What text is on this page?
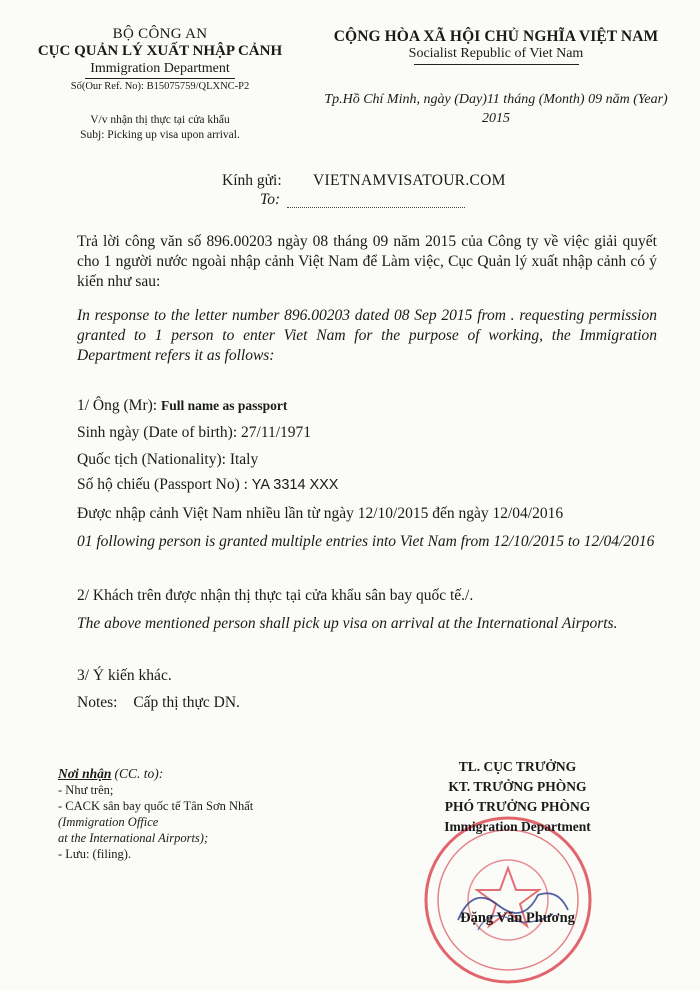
BỘ CÔNG AN
CỤC QUẢN LÝ XUẤT NHẬP CẢNH
Immigration Department
Số(Our Ref. No): B15075759/QLXNC-P2
V/v nhận thị thực tại cửa khẩu
Subj: Picking up visa upon arrival.
CỘNG HÒA XÃ HỘI CHỦ NGHĨA VIỆT NAM
Socialist Republic of Viet Nam
Tp.Hồ Chí Minh, ngày (Day)11 tháng (Month) 09 năm (Year)
2015
Kính gửi:
To:
VIETNAMVISATOUR.COM
Trả lời công văn số 896.00203 ngày 08 tháng 09 năm 2015 của Công ty về việc giải quyết cho 1 người nước ngoài nhập cảnh Việt Nam để Làm việc, Cục Quản lý xuất nhập cảnh có ý kiến như sau:
In response to the letter number 896.00203 dated 08 Sep 2015 from . requesting permission granted to 1 person to enter Viet Nam for the purpose of working, the Immigration Department refers it as follows:
1/ Ông (Mr): Full name as passport
Sinh ngày (Date of birth): 27/11/1971
Quốc tịch (Nationality): Italy
Số hộ chiếu (Passport No) : YA 3314 XXX
Được nhập cảnh Việt Nam nhiều lần từ ngày 12/10/2015 đến ngày 12/04/2016
01 following person is granted multiple entries into Viet Nam from 12/10/2015 to 12/04/2016
2/ Khách trên được nhận thị thực tại cửa khẩu sân bay quốc tế./.
The above mentioned person shall pick up visa on arrival at the International Airports.
3/ Ý kiến khác.
Notes: Cấp thị thực DN.
Nơi nhận (CC. to):
- Như trên;
- CACK sân bay quốc tế Tân Sơn Nhất
(Immigration Office
at the International Airports);
- Lưu: (filing).
TL. CỤC TRƯỞNG
KT. TRƯỞNG PHÒNG
PHÓ TRƯỞNG PHÒNG
Immigration Department
Đặng Văn Phương
